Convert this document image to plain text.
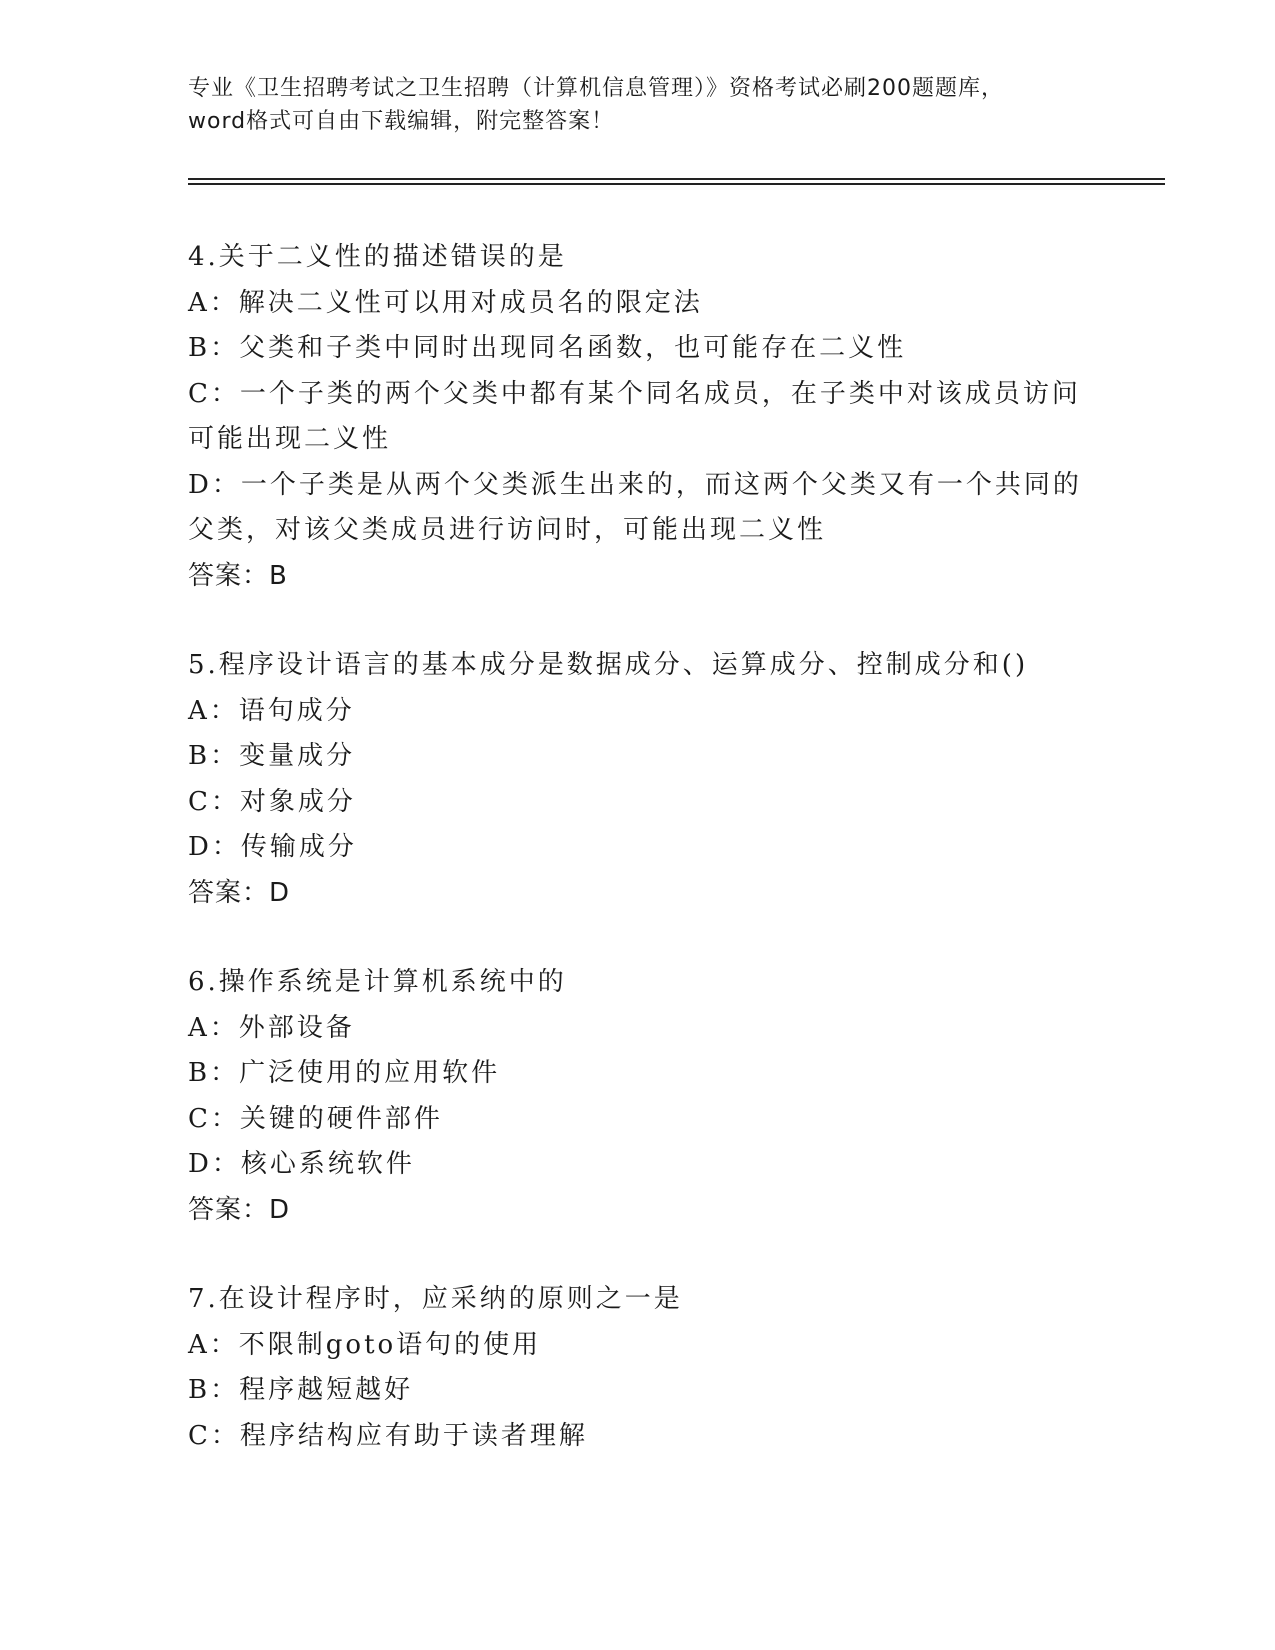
专业《卫生招聘考试之卫生招聘（计算机信息管理）》资格考试必刷200题题库，
word格式可自由下载编辑，附完整答案！
4.关于二义性的描述错误的是
A：解决二义性可以用对成员名的限定法
B：父类和子类中同时出现同名函数，也可能存在二义性
C：一个子类的两个父类中都有某个同名成员，在子类中对该成员访问可能出现二义性
D：一个子类是从两个父类派生出来的，而这两个父类又有一个共同的父类，对该父类成员进行访问时，可能出现二义性
答案：B
5.程序设计语言的基本成分是数据成分、运算成分、控制成分和()
A：语句成分
B：变量成分
C：对象成分
D：传输成分
答案：D
6.操作系统是计算机系统中的
A：外部设备
B：广泛使用的应用软件
C：关键的硬件部件
D：核心系统软件
答案：D
7.在设计程序时，应采纳的原则之一是
A：不限制goto语句的使用
B：程序越短越好
C：程序结构应有助于读者理解
